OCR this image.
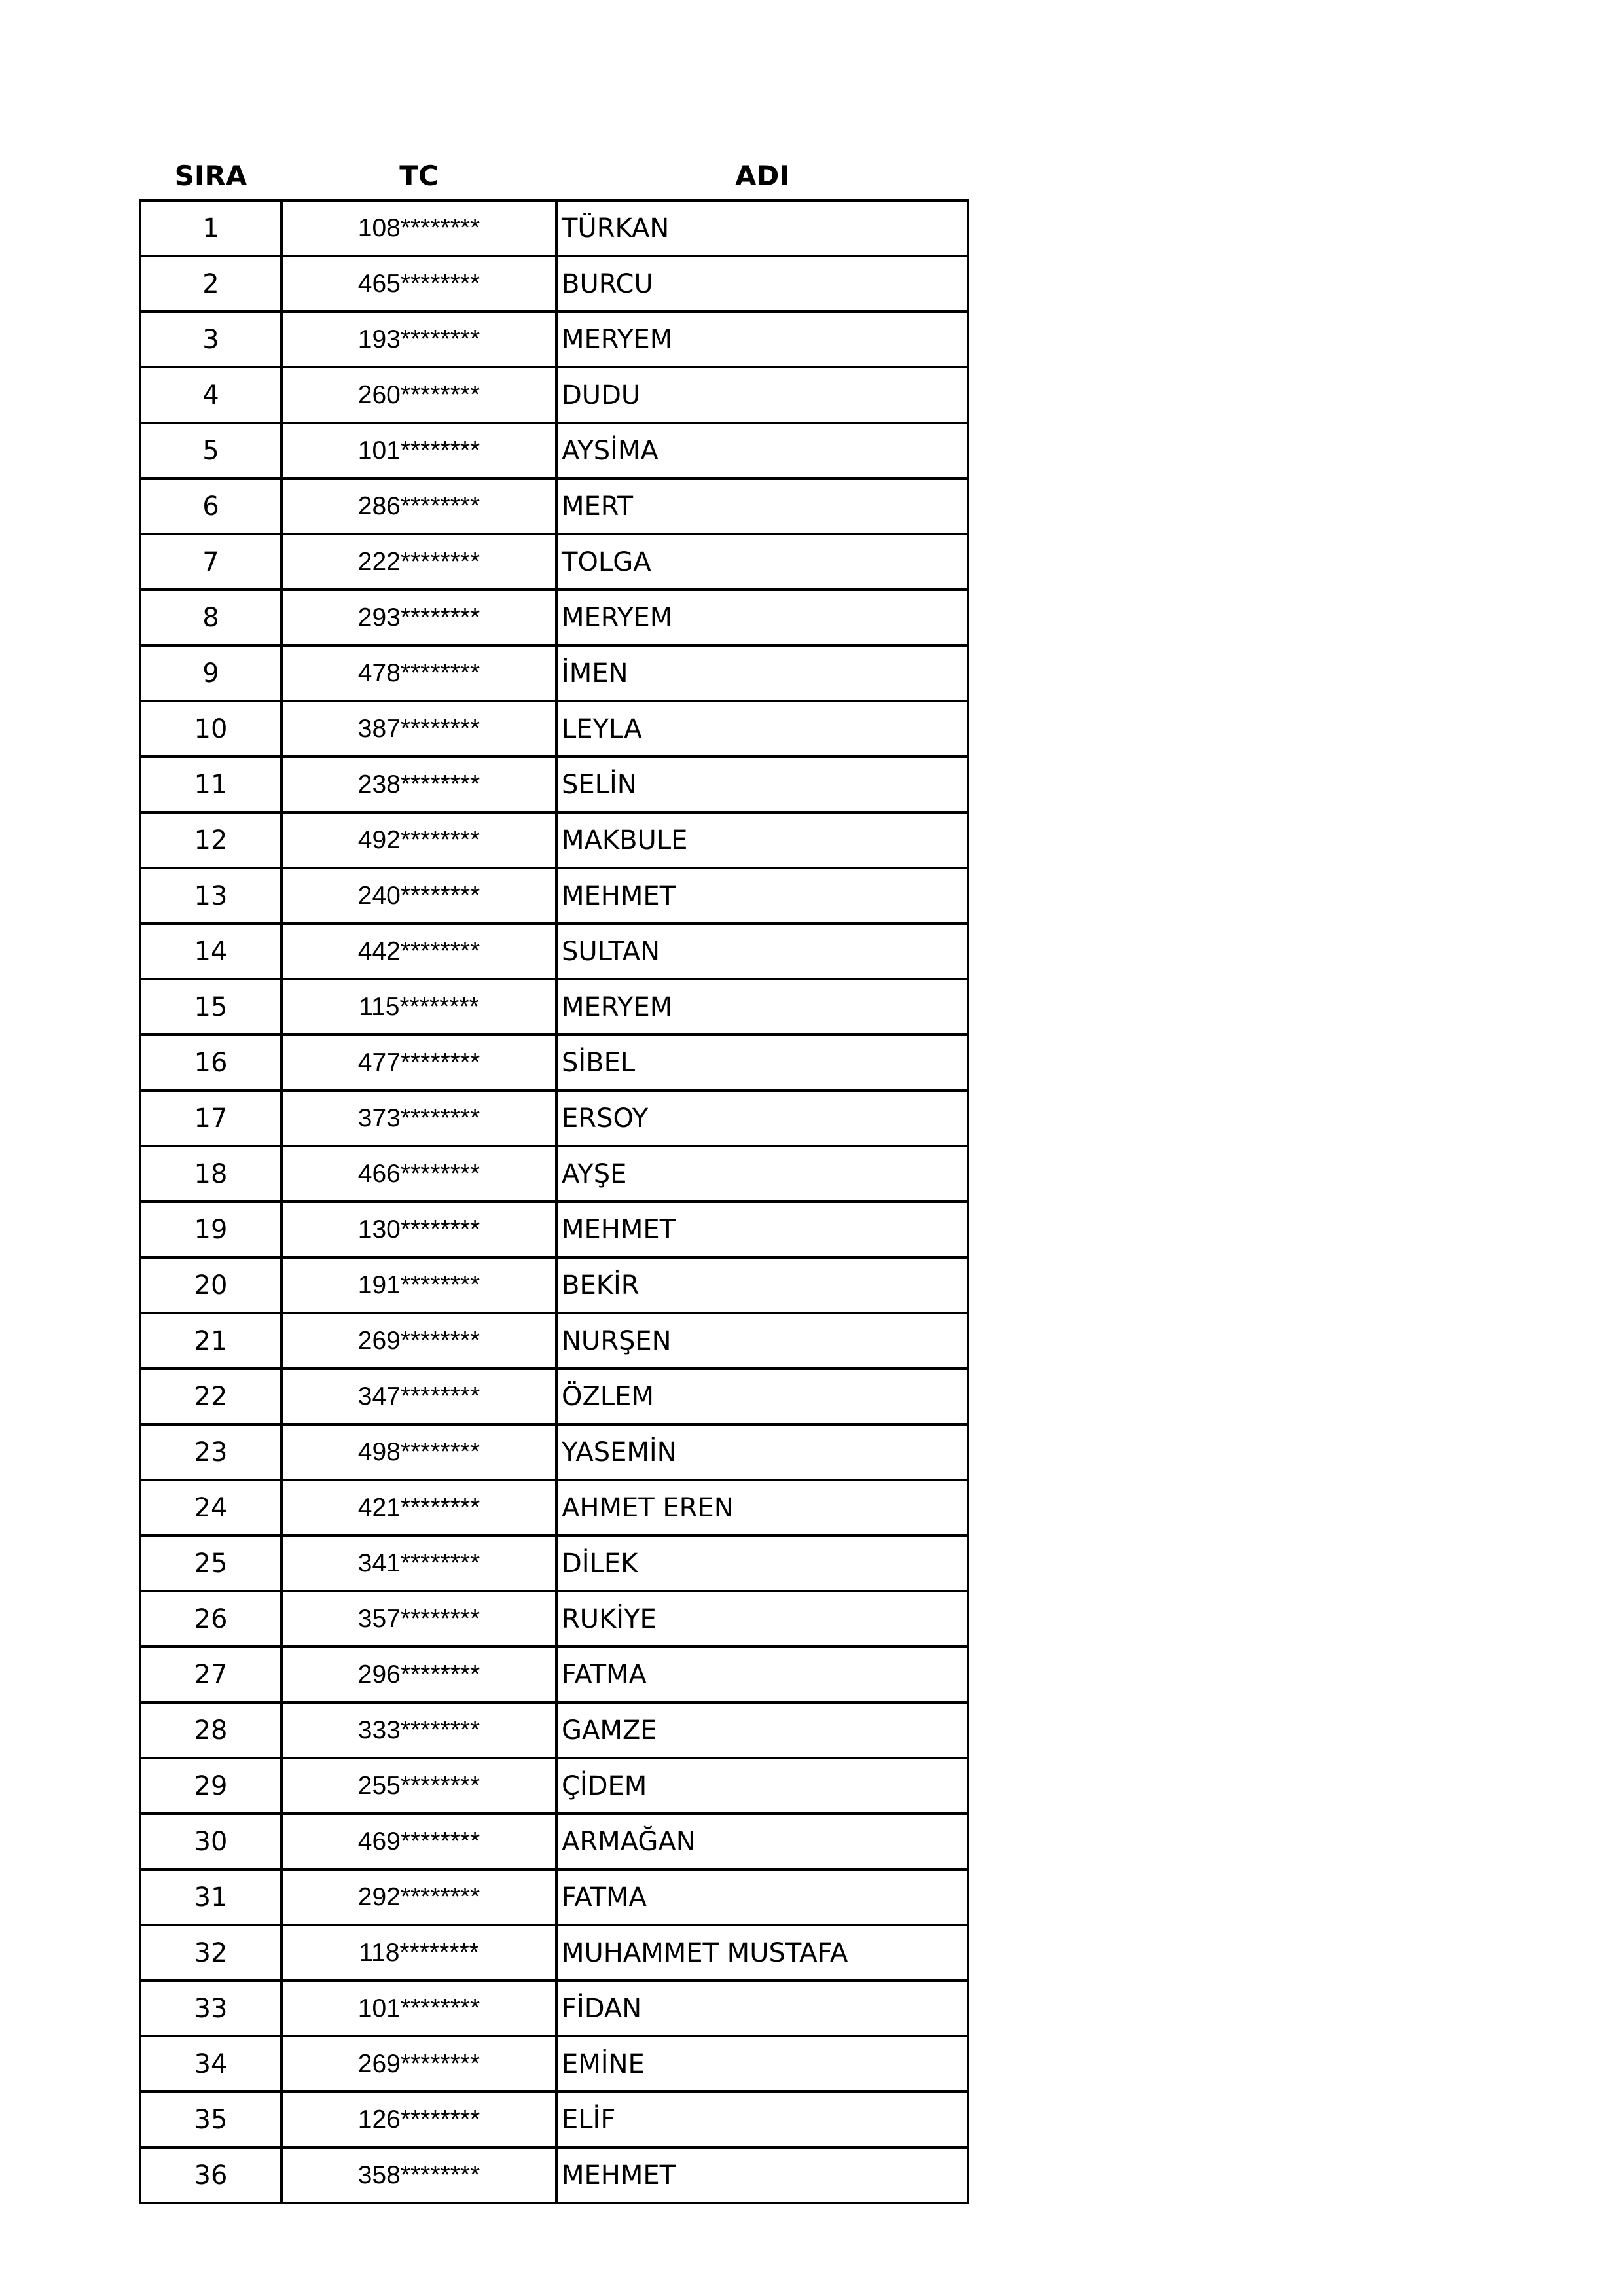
SIRA	TC	ADI
1	108********	TÜRKAN
2	465********	BURCU
3	193********	MERYEM
4	260********	DUDU
5	101********	AYSİMA
6	286********	MERT
7	222********	TOLGA
8	293********	MERYEM
9	478********	İMEN
10	387********	LEYLA
11	238********	SELİN
12	492********	MAKBULE
13	240********	MEHMET
14	442********	SULTAN
15	115********	MERYEM
16	477********	SİBEL
17	373********	ERSOY
18	466********	AYŞE
19	130********	MEHMET
20	191********	BEKİR
21	269********	NURŞEN
22	347********	ÖZLEM
23	498********	YASEMİN
24	421********	AHMET EREN
25	341********	DİLEK
26	357********	RUKİYE
27	296********	FATMA
28	333********	GAMZE
29	255********	ÇİDEM
30	469********	ARMAĞAN
31	292********	FATMA
32	118********	MUHAMMET MUSTAFA
33	101********	FİDAN
34	269********	EMİNE
35	126********	ELİF
36	358********	MEHMET
